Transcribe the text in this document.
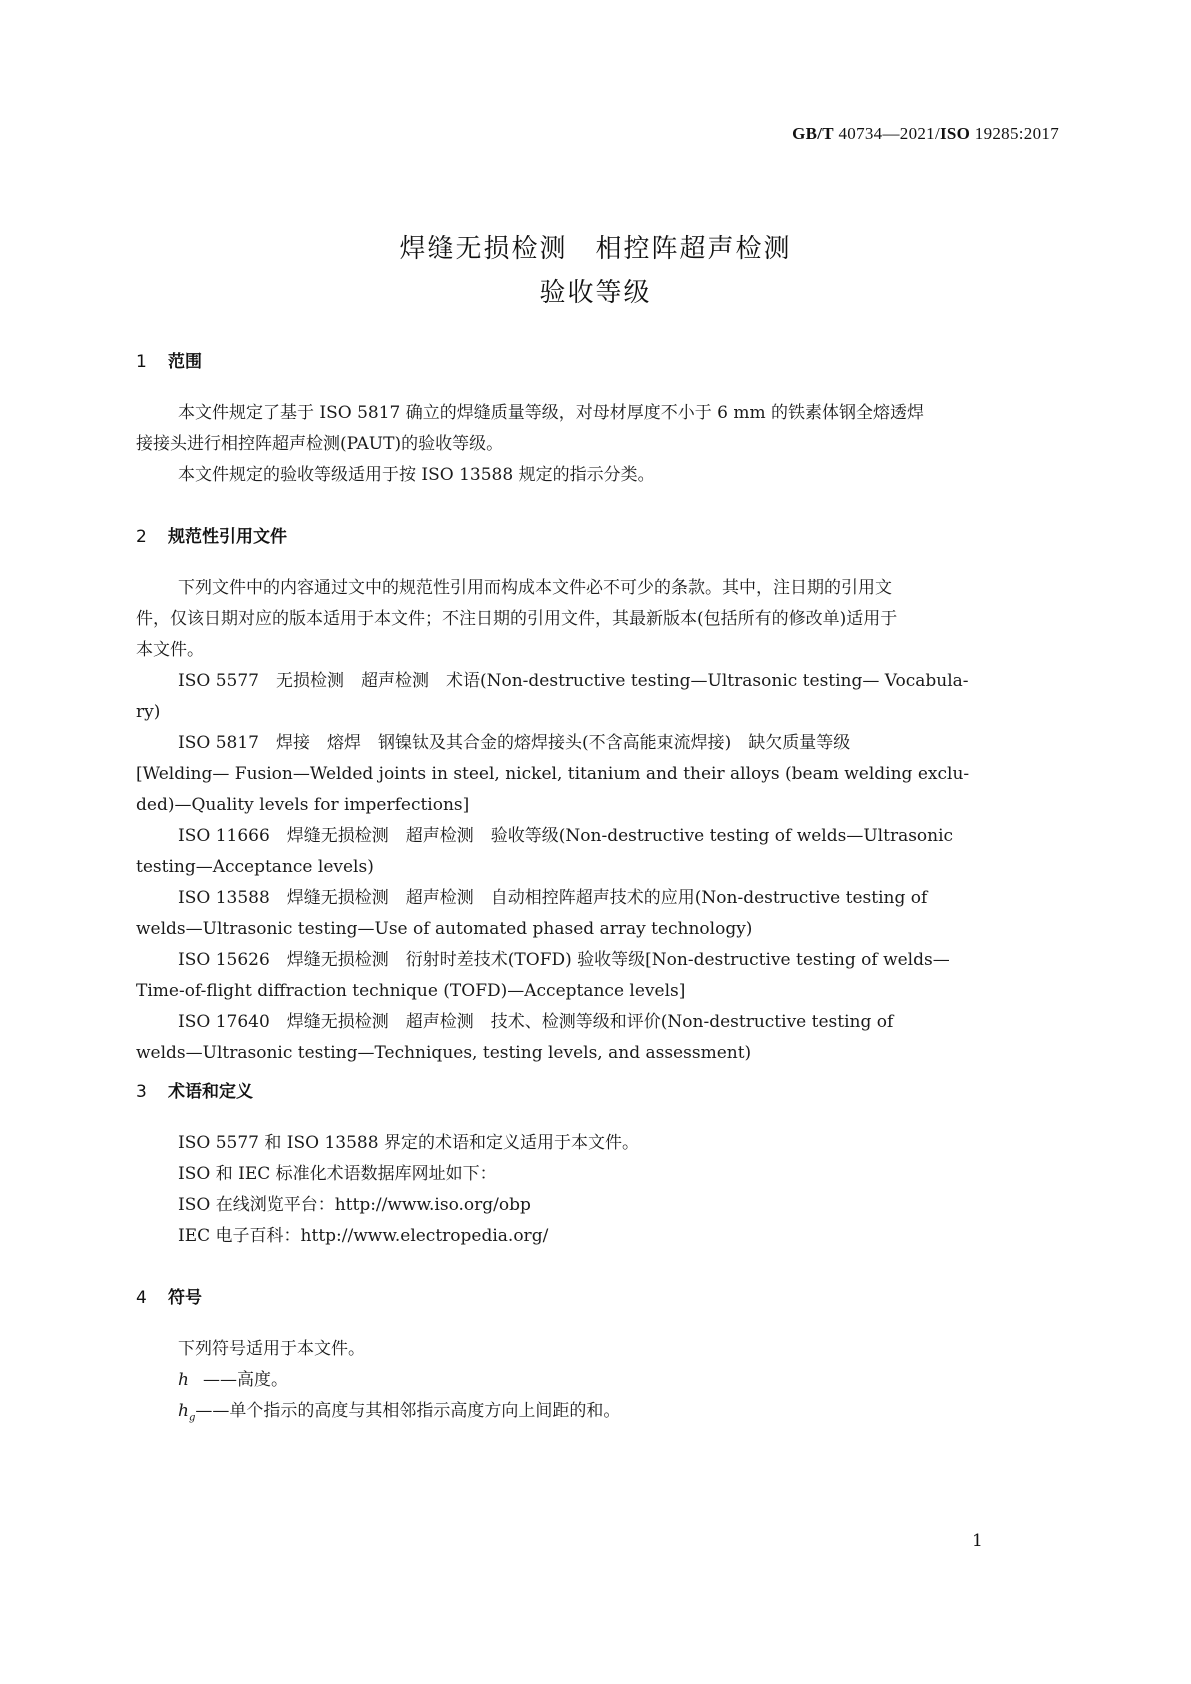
GB/T 40734—2021/ISO 19285:2017
焊缝无损检测 相控阵超声检测
验收等级
1 范围
本文件规定了基于 ISO 5817 确立的焊缝质量等级，对母材厚度不小于 6 mm 的铁素体钢全熔透焊
接接头进行相控阵超声检测(PAUT)的验收等级。
本文件规定的验收等级适用于按 ISO 13588 规定的指示分类。
2 规范性引用文件
下列文件中的内容通过文中的规范性引用而构成本文件必不可少的条款。其中，注日期的引用文
件，仅该日期对应的版本适用于本文件；不注日期的引用文件，其最新版本(包括所有的修改单)适用于
本文件。
ISO 5577　无损检测　超声检测　术语(Non-destructive testing—Ultrasonic testing— Vocabula-
ry)
ISO 5817　焊接　熔焊　钢镍钛及其合金的熔焊接头(不含高能束流焊接)　缺欠质量等级
[Welding— Fusion—Welded joints in steel, nickel, titanium and their alloys (beam welding exclu-
ded)—Quality levels for imperfections]
ISO 11666　焊缝无损检测　超声检测　验收等级(Non-destructive testing of welds—Ultrasonic
testing—Acceptance levels)
ISO 13588　焊缝无损检测　超声检测　自动相控阵超声技术的应用(Non-destructive testing of
welds—Ultrasonic testing—Use of automated phased array technology)
ISO 15626　焊缝无损检测　衍射时差技术(TOFD) 验收等级[Non-destructive testing of welds—
Time-of-flight diffraction technique (TOFD)—Acceptance levels]
ISO 17640　焊缝无损检测　超声检测　技术、检测等级和评价(Non-destructive testing of
welds—Ultrasonic testing—Techniques, testing levels, and assessment)
3 术语和定义
ISO 5577 和 ISO 13588 界定的术语和定义适用于本文件。
ISO 和 IEC 标准化术语数据库网址如下：
ISO 在线浏览平台：http://www.iso.org/obp
IEC 电子百科：http://www.electropedia.org/
4 符号
下列符号适用于本文件。
h ——高度。
$h_g——$单个指示的高度与其相邻指示高度方向上间距的和。
1
